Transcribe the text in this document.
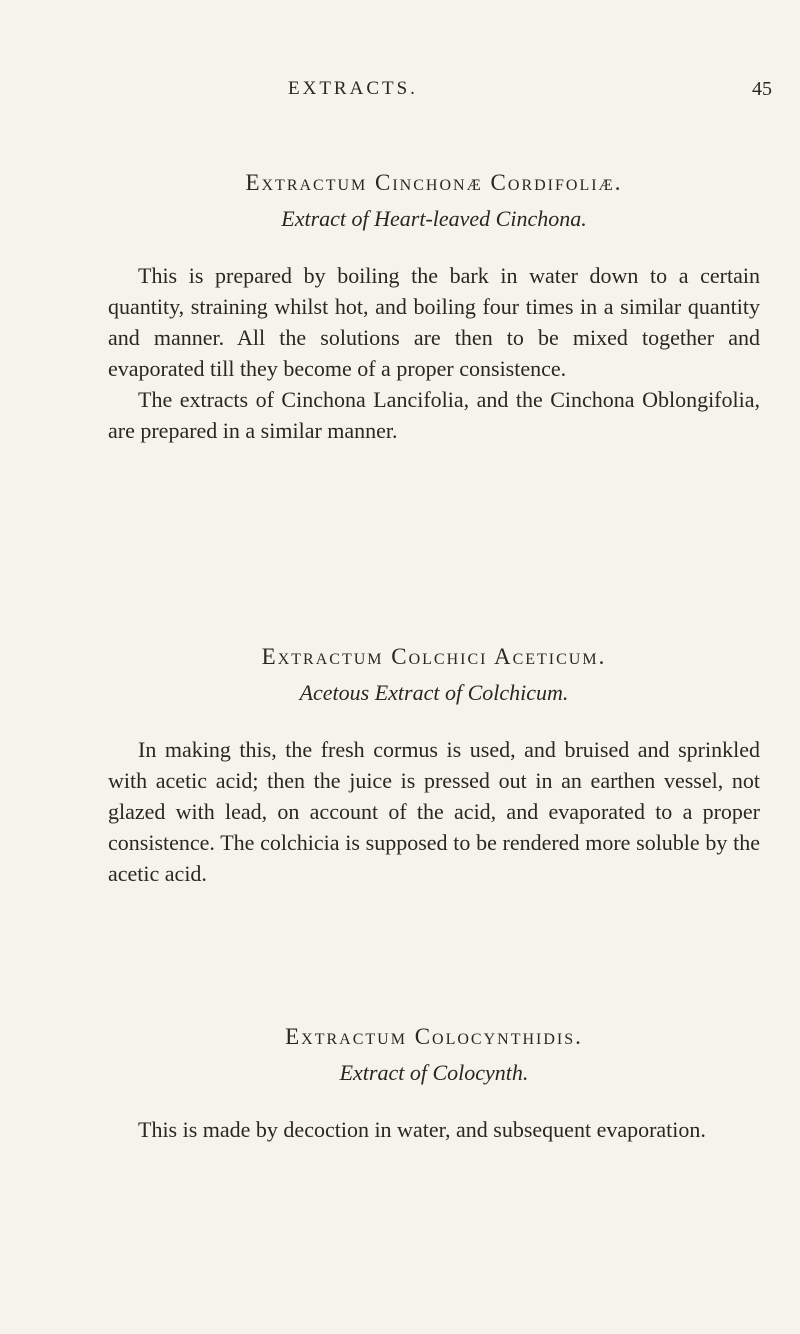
EXTRACTS.	45
Extractum Cinchonæ Cordifoliæ.

Extract of Heart-leaved Cinchona.

This is prepared by boiling the bark in water down to a certain quantity, straining whilst hot, and boiling four times in a similar quantity and manner. All the solutions are then to be mixed together and evaporated till they become of a proper consistence.

The extracts of Cinchona Lancifolia, and the Cinchona Oblongifolia, are prepared in a similar manner.

Extractum Colchici Aceticum.

Acetous Extract of Colchicum.

In making this, the fresh cormus is used, and bruised and sprinkled with acetic acid; then the juice is pressed out in an earthen vessel, not glazed with lead, on account of the acid, and evaporated to a proper consistence. The colchicia is supposed to be rendered more soluble by the acetic acid.

Extractum Colocynthidis.

Extract of Colocynth.

This is made by decoction in water, and subsequent evaporation.
